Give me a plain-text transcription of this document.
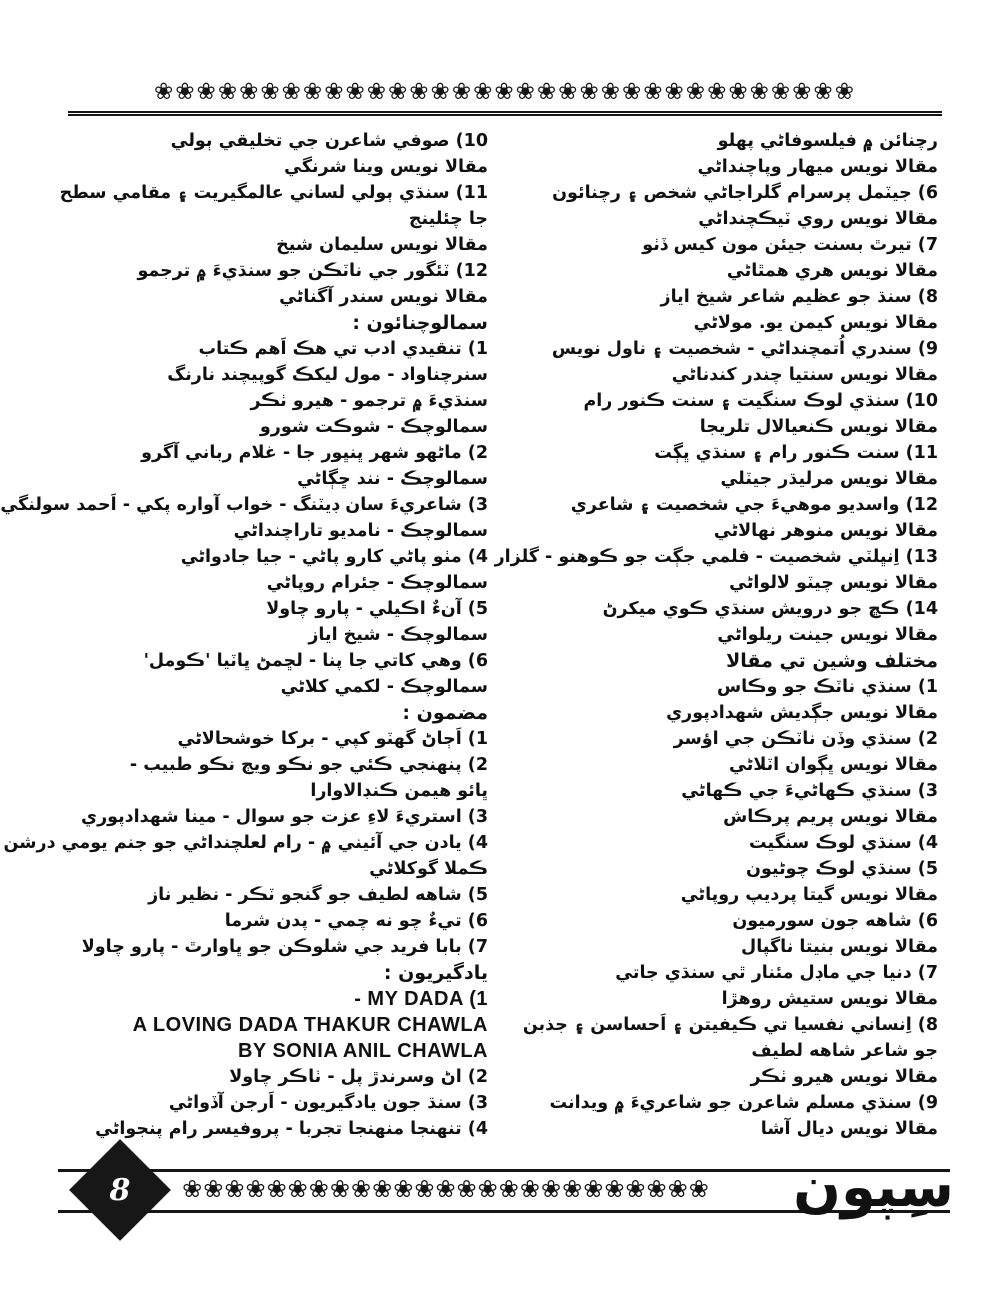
❀❀❀❀❀❀❀❀❀❀❀❀❀❀❀❀❀❀❀❀❀❀❀❀❀❀❀❀❀❀❀❀❀
رچنائن ۾ فيلسوفاڻي پهلو
مقالا نويس ميهار وپاچنداڻي
6) جيٽمل پرسرام گلراجاڻي شخص ۽ رچنائون
مقالا نويس روي ٽيڪچنداڻي
7) تيرٿ بسنت جيئن مون کيس ڏٺو
مقالا نويس هري همٿاڻي
8) سنڌ جو عظيم شاعر شيخ اياز
مقالا نويس کيمن يو. مولاڻي
9) سندري اُتمچنداڻي - شخصيت ۽ ناول نويس
مقالا نويس سنتيا چندر کندناڻي
10) سنڌي لوڪ سنگيت ۽ سنت ڪنور رام
مقالا نويس ڪنعيالال تلريجا
11) سنت ڪنور رام ۽ سنڌي ڀڳت
مقالا نويس مرليڌر جيٽلي
12) واسديو موهيءَ جي شخصيت ۽ شاعري
مقالا نويس منوهر نهالاڻي
13) اِنڀلٽي شخصيت - فلمي جڳت جو ڪوهنو - گلزار
مقالا نويس چيٽو لالواڻي
14) ڪڇ جو درويش سنڌي ڪوي ميکرڻ
مقالا نويس جينت ريلواڻي
مختلف وشين تي مقالا
1) سنڌي ناٽڪ جو وڪاس
مقالا نويس جڳديش شهدادپوري
2) سنڌي وڏن ناٽڪن جي اؤسر
مقالا نويس ڀڳوان اٽلاڻي
3) سنڌي ڪهاڻيءَ جي ڪهاڻي
مقالا نويس پريم پرڪاش
4) سنڌي لوڪ سنگيت
5) سنڌي لوڪ چوڻيون
مقالا نويس گيتا پرديپ روپاڻي
6) شاهه جون سورميون
مقالا نويس بنيتا ناگپال
7) دنيا جي ماڊل مئنار ٿي سنڌي جاتي
مقالا نويس ستيش روهڙا
8) اِنساني نفسيا تي ڪيفيتن ۽ اَحساسن ۽ جذبن
جو شاعر شاهه لطيف
مقالا نويس هيرو ٺڪر
9) سنڌي مسلم شاعرن جو شاعريءَ ۾ ويدانت
مقالا نويس ديال آشا
10) صوفي شاعرن جي تخليقي ٻولي
مقالا نويس وينا شرنگي
11) سنڌي ٻولي لساني عالمگيريت ۽ مقامي سطح
جا چئلينج
مقالا نويس سليمان شيخ
12) ٽئگور جي ناٽڪن جو سنڌيءَ ۾ ترجمو
مقالا نويس سندر آگناڻي
سمالوچنائون :
1) تنقيدي ادب تي هڪ اَهم ڪتاب
سنرچناواد - مول ليکڪ گوپيچند نارنگ
سنڌيءَ ۾ ترجمو - هيرو ٺڪر
سمالوچڪ - شوڪت شورو
2) ماڻهو شهر ڀنڀور جا - غلام رباني آگرو
سمالوچڪ - نند ڇڳاڻي
3) شاعريءَ سان ڊيٽنگ - خواب آواره پکي - اَحمد سولنگي
سمالوچڪ - نامديو تاراچنداڻي
4) مٺو پاڻي کارو پاڻي - جيا جادواڻي
سمالوچڪ - جئرام روپاڻي
5) آنءٌ اڪيلي - پارو چاولا
سمالوچڪ - شيخ اياز
6) وهي کاتي جا پنا - لڇمڻ ڀاٽيا 'ڪومل'
سمالوچڪ - لکمي کلاڻي
مضمون :
1) اَڄاڻ گهٽو کپي - برکا خوشحالاڻي
2) پنهنجي ڪئي جو نڪو ويڄ نڪو طبيب -
ڀائو هيمن ڪنڊالاوارا
3) استريءَ لاءِ عزت جو سوال - مينا شهدادپوري
4) يادن جي آئيني ۾ - رام لعلچنداڻي جو جنم يومي درشن
ڪملا گوکلاڻي
5) شاهه لطيف جو گنجو ٽڪر - نظير ناز
6) تيءٌ چو نه چمي - پدن شرما
7) بابا فريد جي شلوڪن جو ڀاوارٿ - پارو چاولا
يادگيريون :
- MY DADA (1
A LOVING DADA THAKUR CHAWLA
BY SONIA ANIL CHAWLA
2) اڻ وسرندڙ پل - ٺاڪر چاولا
3) سنڌ جون يادگيريون - اَرجن آڏواڻي
4) تنهنجا منهنجا تجربا - پروفيسر رام پنجواڻي
❀❀❀❀❀❀❀❀❀❀❀❀❀❀❀❀❀❀❀❀❀❀❀❀❀
8	سِپون
